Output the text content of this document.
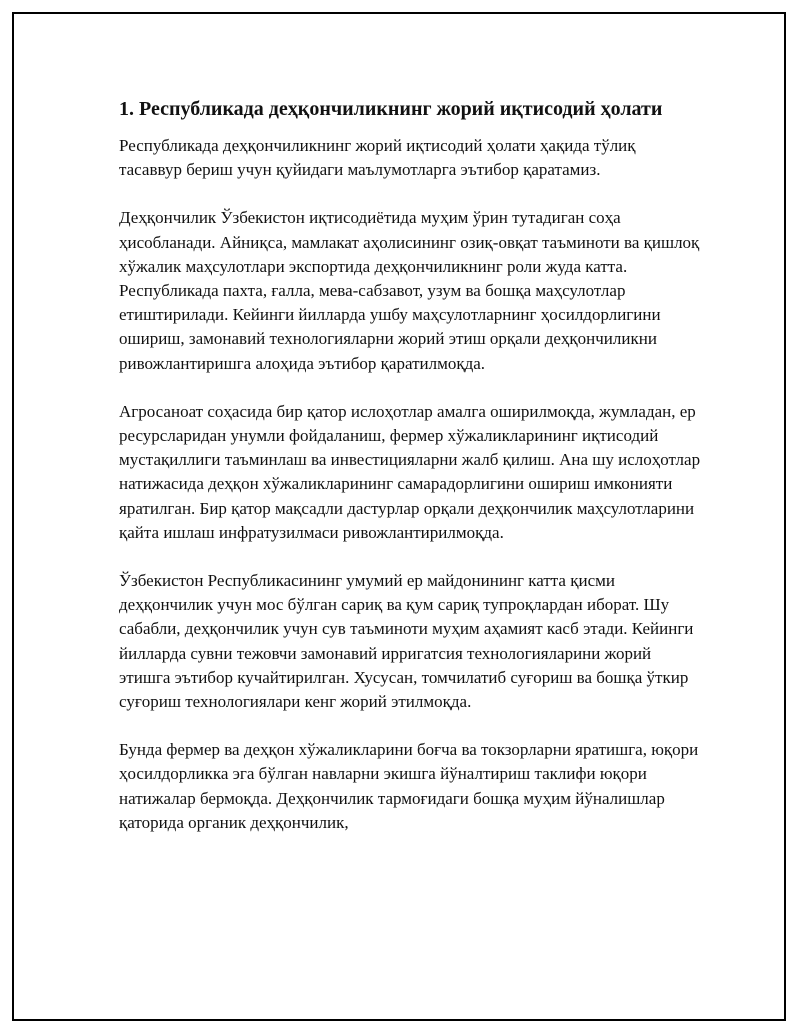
1. Республикада деҳқончиликнинг жорий иқтисодий ҳолати

Республикада деҳқончиликнинг жорий иқтисодий ҳолати ҳақида тўлиқ тасаввур бериш учун қуйидаги маълумотларга эътибор қаратамиз.

Деҳқончилик Ўзбекистон иқтисодиётида муҳим ўрин тутадиган соҳа ҳисобланади. Айниқса, мамлакат аҳолисининг озиқ-овқат таъминоти ва қишлоқ хўжалик маҳсулотлари экспортида деҳқончиликнинг роли жуда катта. Республикада пахта, ғалла, мева-сабзавот, узум ва бошқа маҳсулотлар етиштирилади. Кейинги йилларда ушбу маҳсулотларнинг ҳосилдорлигини ошириш, замонавий технологияларни жорий этиш орқали деҳқончиликни ривожлантиришга алоҳида эътибор қаратилмоқда.

Агросаноат соҳасида бир қатор ислоҳотлар амалга оширилмоқда, жумладан, ер ресурсларидан унумли фойдаланиш, фермер хўжаликларининг иқтисодий мустақиллиги таъминлаш ва инвестицияларни жалб қилиш. Ана шу ислоҳотлар натижасида деҳқон хўжаликларининг самарадорлигини ошириш имконияти яратилган. Бир қатор мақсадли дастурлар орқали деҳқончилик маҳсулотларини қайта ишлаш инфратузилмаси ривожлантирилмоқда.

Ўзбекистон Республикасининг умумий ер майдонининг катта қисми деҳқончилик учун мос бўлган сариқ ва қум сариқ тупроқлардан иборат. Шу сабабли, деҳқончилик учун сув таъминоти муҳим аҳамият касб этади. Кейинги йилларда сувни тежовчи замонавий ирригатсия технологияларини жорий этишга эътибор кучайтирилган. Хусусан, томчилатиб суғориш ва бошқа ўткир суғориш технологиялари кенг жорий этилмоқда.

Бунда фермер ва деҳқон хўжаликларини боғча ва токзорларни яратишга, юқори ҳосилдорликка эга бўлган навларни экишга йўналтириш таклифи юқори натижалар бермоқда. Деҳқончилик тармоғидаги бошқа муҳим йўналишлар қаторида органик деҳқончилик,
